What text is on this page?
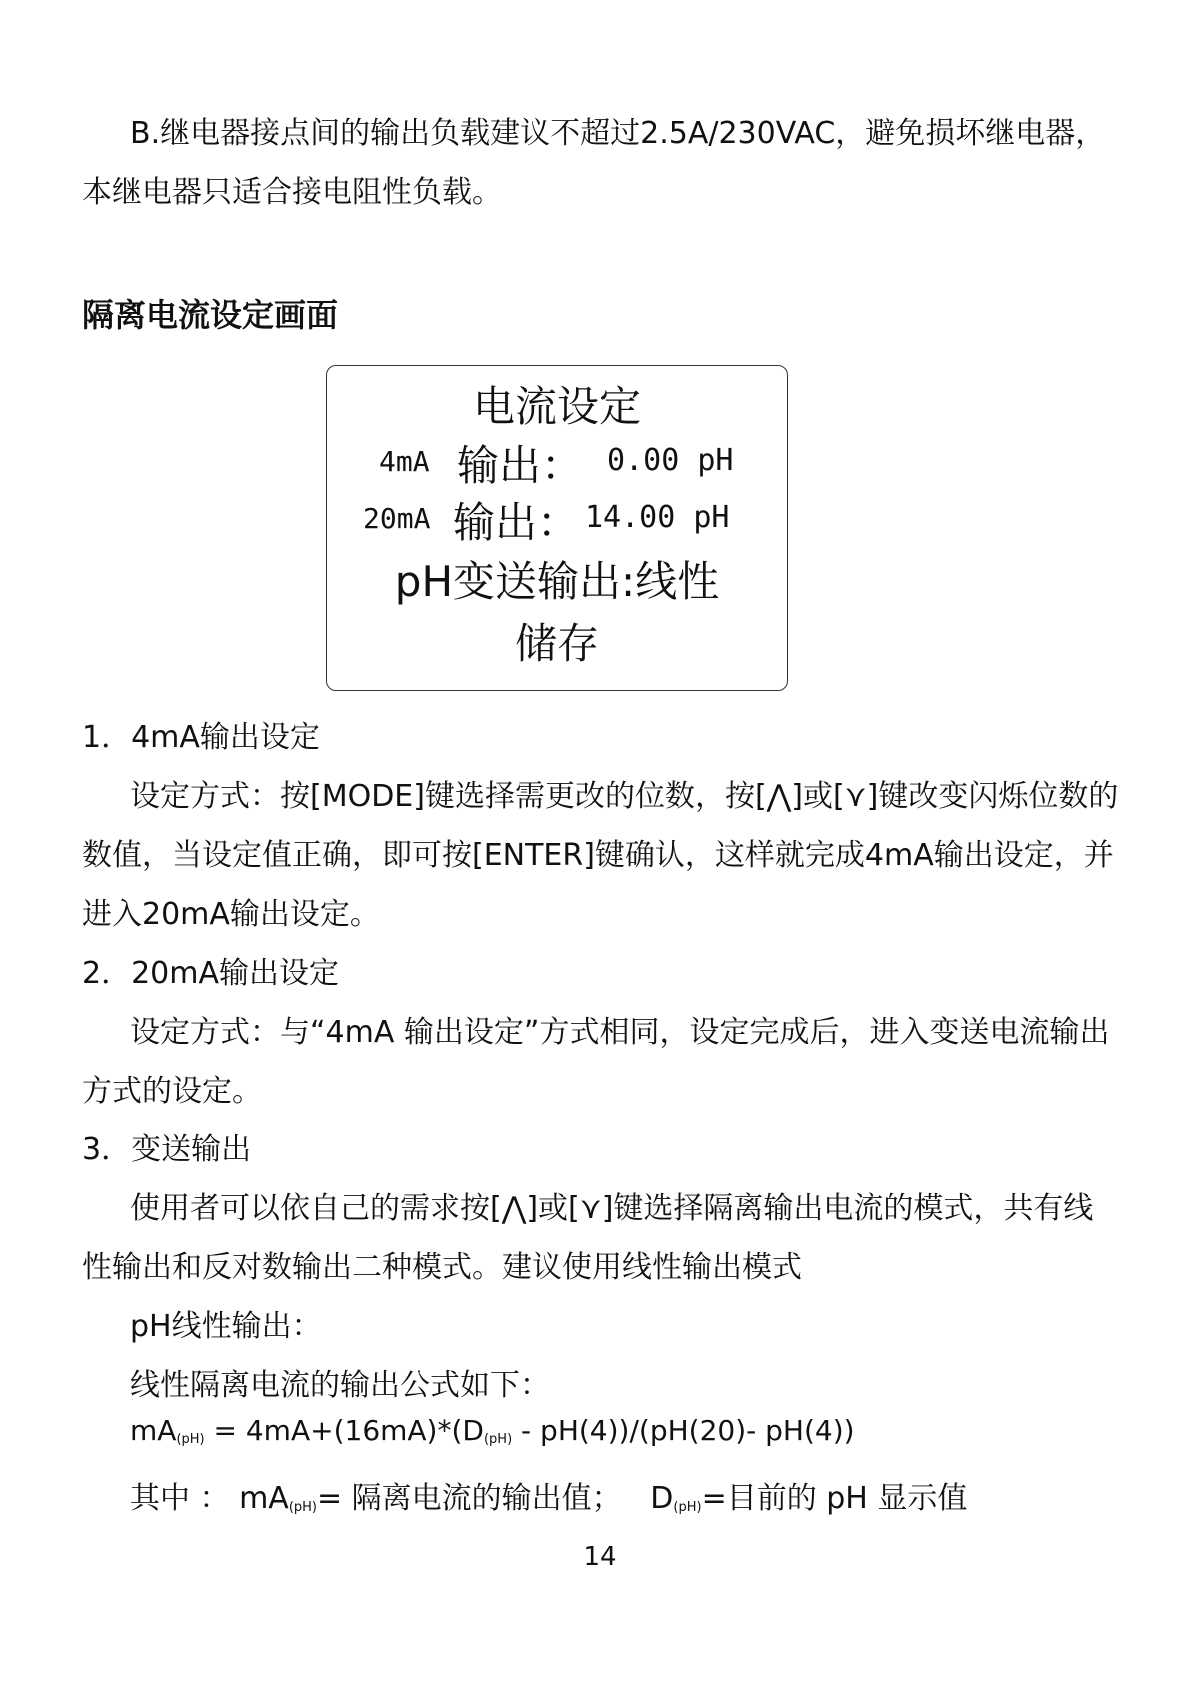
B.继电器接点间的输出负载建议不超过2.5A/230VAC，避免损坏继电器，本继电器只适合接电阻性负载。
隔离电流设定画面
电流设定
4mA 输出： 0.00 pH
20mA 输出： 14.00 pH
pH变送输出:线性
储存
1．4mA输出设定
设定方式：按[MODE]键选择需更改的位数，按[⋀]或[⋎]键改变闪烁位数的数值，当设定值正确，即可按[ENTER]键确认，这样就完成4mA输出设定，并进入20mA输出设定。
2．20mA输出设定
设定方式：与“4mA 输出设定”方式相同，设定完成后，进入变送电流输出方式的设定。
3．变送输出
使用者可以依自己的需求按[⋀]或[⋎]键选择隔离输出电流的模式，共有线性输出和反对数输出二种模式。建议使用线性输出模式
pH线性输出：
线性隔离电流的输出公式如下：
$mA_{(pH)} = 4mA+(16mA)*(D_{(pH)} - pH(4))/(pH(20)-$ pH(4))
其中 ： $mA_{(pH)}=$ 隔离电流的输出值；   $D_{(pH)}=$目前的 pH 显示值
14
